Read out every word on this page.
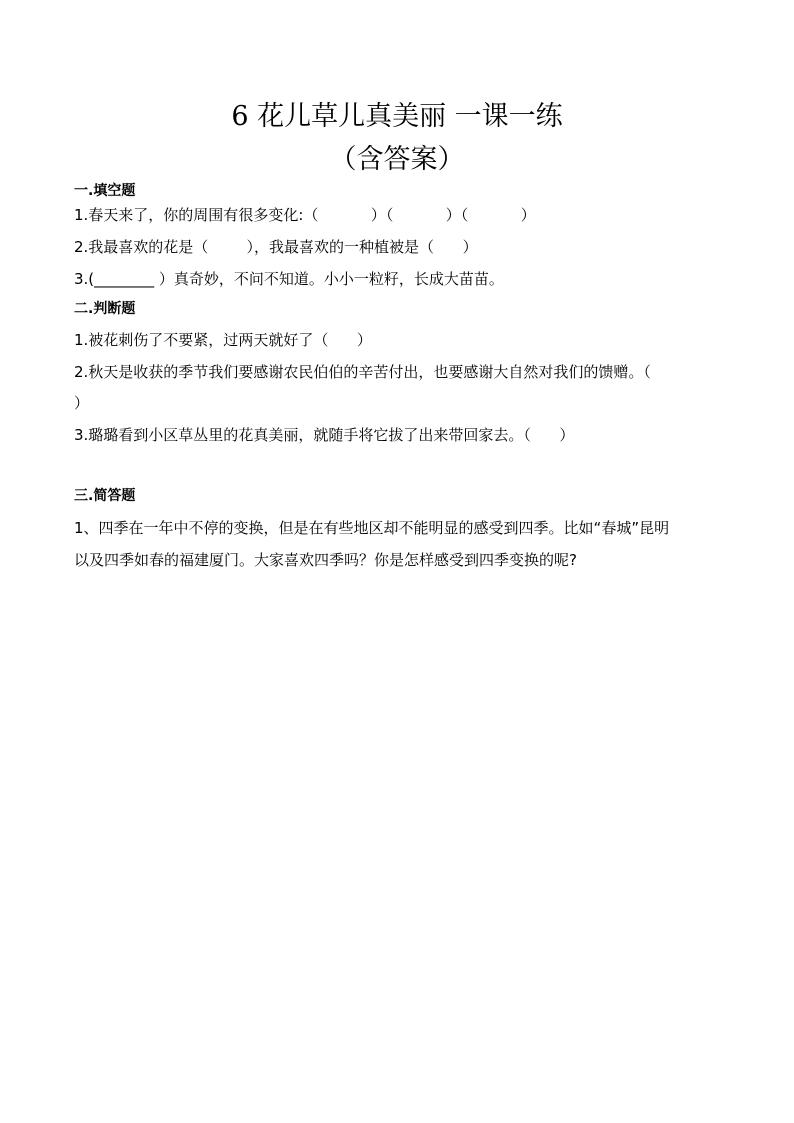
6 花儿草儿真美丽 一课一练
（含答案）
一.填空题
1.春天来了，你的周围有很多变化:（           ）（           ）（           ）
2.我最喜欢的花是（        ），我最喜欢的一种植被是（      ）
3.(________ ）真奇妙，不问不知道。小小一粒籽，长成大苗苗。
二.判断题
1.被花刺伤了不要紧，过两天就好了（      ）
2.秋天是收获的季节我们要感谢农民伯伯的辛苦付出，也要感谢大自然对我们的馈赠。（
）
3.璐璐看到小区草丛里的花真美丽，就随手将它拔了出来带回家去。（      ）
三.简答题
1、四季在一年中不停的变换，但是在有些地区却不能明显的感受到四季。比如“春城”昆明
以及四季如春的福建厦门。大家喜欢四季吗？你是怎样感受到四季变换的呢?
